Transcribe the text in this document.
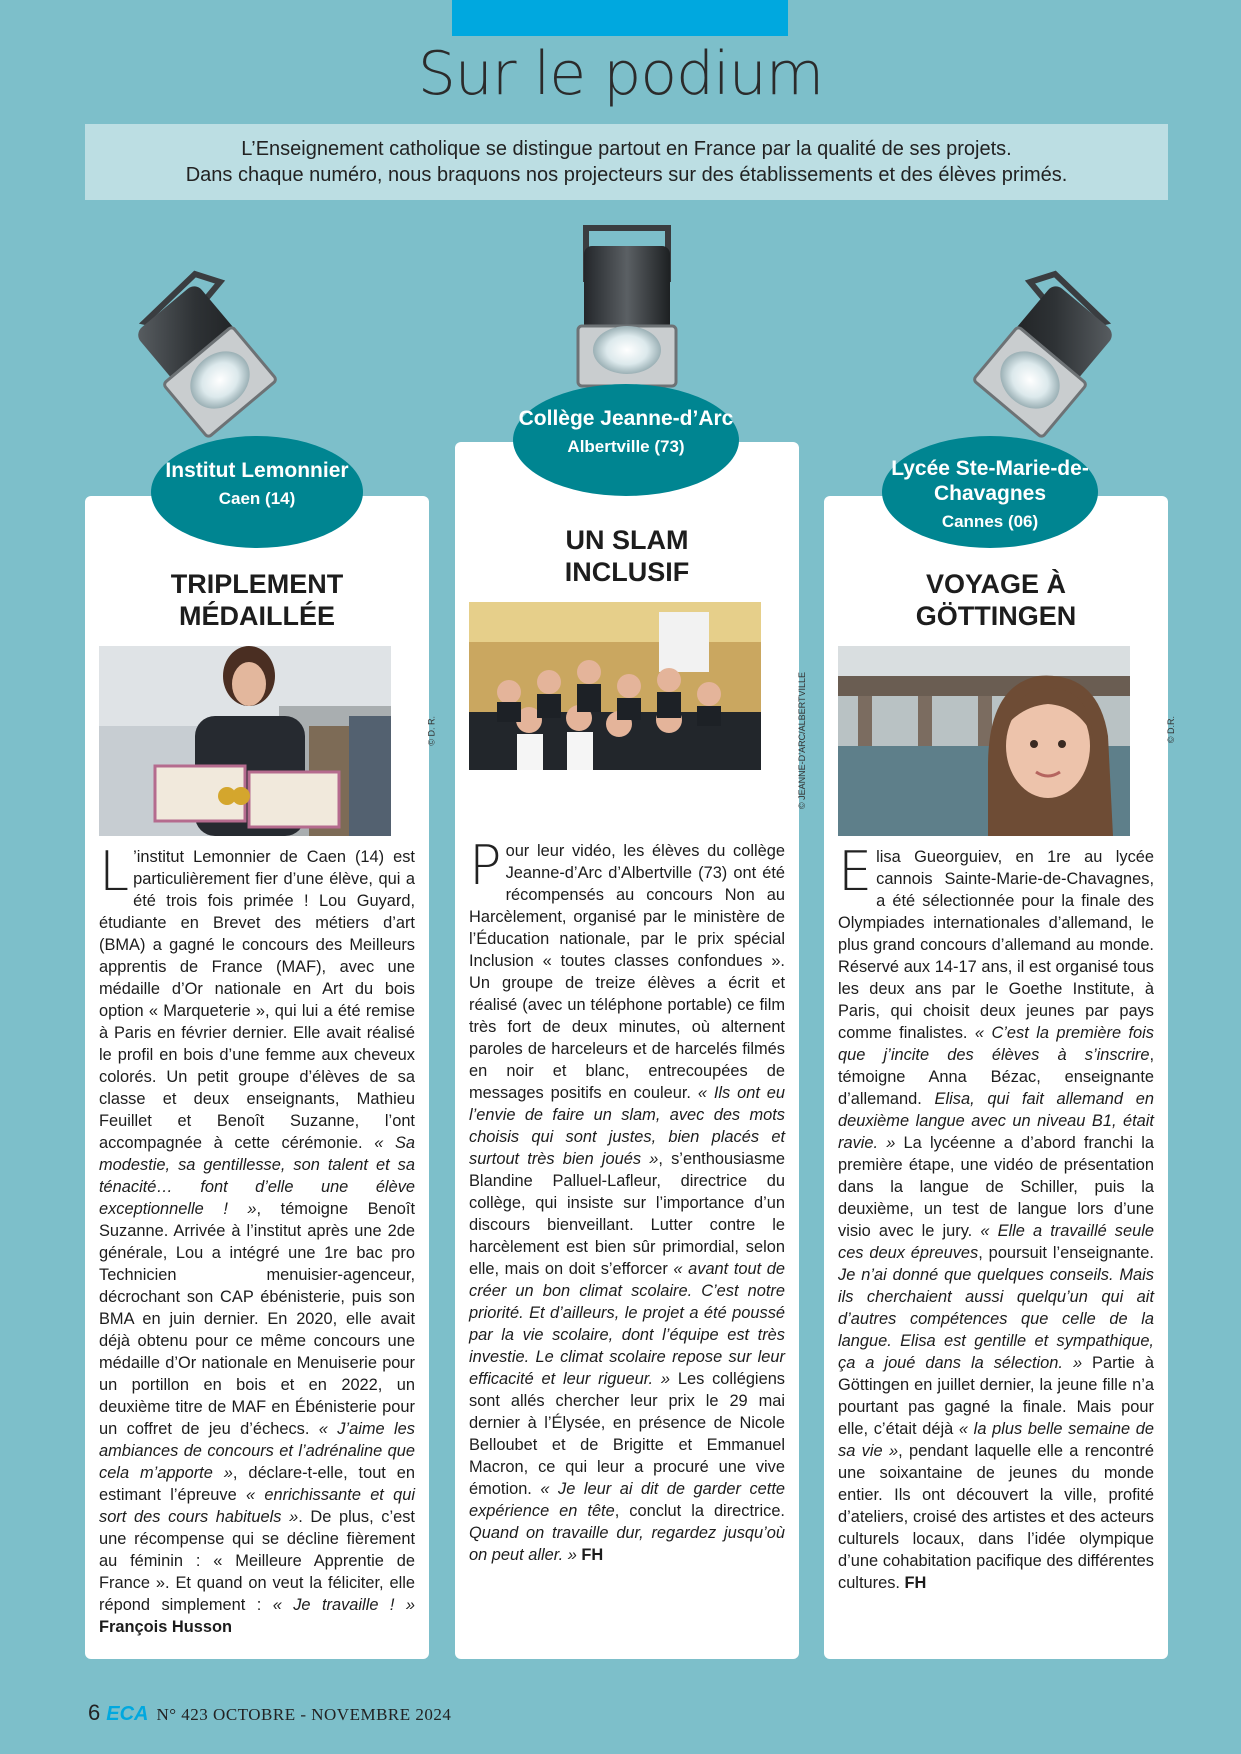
Sur le podium
L’Enseignement catholique se distingue partout en France par la qualité de ses projets.
Dans chaque numéro, nous braquons nos projecteurs sur des établissements et des élèves primés.
TRIPLEMENT
MÉDAILLÉE
© D. R.
L ’institut Lemonnier de Caen (14) est particulièrement fier d’une élève, qui a été trois fois primée ! Lou Guyard, étudiante en Brevet des métiers d’art (BMA) a gagné le concours des Meilleurs apprentis de France (MAF), avec une médaille d’Or nationale en Art du bois option « Marqueterie », qui lui a été remise à Paris en février dernier. Elle avait réalisé le profil en bois d’une femme aux cheveux colorés. Un petit groupe d’élèves de sa classe et deux enseignants, Mathieu Feuillet et Benoît Suzanne, l’ont accompagnée à cette cérémonie. « Sa modestie, sa gentillesse, son talent et sa ténacité… font d’elle une élève exceptionnelle ! », témoigne Benoît Suzanne. Arrivée à l’institut après une 2de générale, Lou a intégré une 1re bac pro Technicien menuisier-agenceur, décrochant son CAP ébénisterie, puis son BMA en juin dernier. En 2020, elle avait déjà obtenu pour ce même concours une médaille d’Or nationale en Menuiserie pour un portillon en bois et en 2022, un deuxième titre de MAF en Ébénisterie pour un coffret de jeu d’échecs. « J’aime les ambiances de concours et l’adrénaline que cela m’apporte », déclare-t-elle, tout en estimant l’épreuve « enrichissante et qui sort des cours habituels ». De plus, c’est une récompense qui se décline fièrement au féminin : « Meilleure Apprentie de France ». Et quand on veut la féliciter, elle répond simplement : « Je travaille ! » François Husson
UN SLAM
INCLUSIF
© JEANNE-D’ARC/ALBERTVILLE
Pour leur vidéo, les élèves du collège Jeanne-d’Arc d’Albertville (73) ont été récompensés au concours Non au Harcèlement, organisé par le ministère de l’Éducation nationale, par le prix spécial Inclusion « toutes classes confondues ». Un groupe de treize élèves a écrit et réalisé (avec un téléphone portable) ce film très fort de deux minutes, où alternent paroles de harceleurs et de harcelés filmés en noir et blanc, entrecoupées de messages positifs en couleur. « Ils ont eu l’envie de faire un slam, avec des mots choisis qui sont justes, bien placés et surtout très bien joués », s’enthousiasme Blandine Palluel-Lafleur, directrice du collège, qui insiste sur l’importance d’un discours bienveillant. Lutter contre le harcèlement est bien sûr primordial, selon elle, mais on doit s’efforcer « avant tout de créer un bon climat scolaire. C’est notre priorité. Et d’ailleurs, le projet a été poussé par la vie scolaire, dont l’équipe est très investie. Le climat scolaire repose sur leur efficacité et leur rigueur. » Les collégiens sont allés chercher leur prix le 29 mai dernier à l’Élysée, en présence de Nicole Belloubet et de Brigitte et Emmanuel Macron, ce qui leur a procuré une vive émotion. « Je leur ai dit de garder cette expérience en tête, conclut la directrice. Quand on travaille dur, regardez jusqu’où on peut aller. » FH
VOYAGE À
GÖTTINGEN
© D.R.
Elisa Gueorguiev, en 1re au lycée cannois Sainte-Marie-de-Chavagnes, a été sélectionnée pour la finale des Olympiades internationales d’allemand, le plus grand concours d’allemand au monde. Réservé aux 14-17 ans, il est organisé tous les deux ans par le Goethe Institute, à Paris, qui choisit deux jeunes par pays comme finalistes. « C’est la première fois que j’incite des élèves à s’inscrire, témoigne Anna Bézac, enseignante d’allemand. Elisa, qui fait allemand en deuxième langue avec un niveau B1, était ravie. » La lycéenne a d’abord franchi la première étape, une vidéo de présentation dans la langue de Schiller, puis la deuxième, un test de langue lors d’une visio avec le jury. « Elle a travaillé seule ces deux épreuves, poursuit l’enseignante. Je n’ai donné que quelques conseils. Mais ils cherchaient aussi quelqu’un qui ait d’autres compétences que celle de la langue. Elisa est gentille et sympathique, ça a joué dans la sélection. » Partie à Göttingen en juillet dernier, la jeune fille n’a pourtant pas gagné la finale. Mais pour elle, c’était déjà « la plus belle semaine de sa vie », pendant laquelle elle a rencontré une soixantaine de jeunes du monde entier. Ils ont découvert la ville, profité d’ateliers, croisé des artistes et des acteurs culturels locaux, dans l’idée olympique d’une cohabitation pacifique des différentes cultures. FH
Institut Lemonnier
Caen (14)
Collège Jeanne-d’Arc
Albertville (73)
Lycée Ste-Marie-de-Chavagnes
Cannes (06)
6 ECA N° 423 OCTOBRE - NOVEMBRE 2024
